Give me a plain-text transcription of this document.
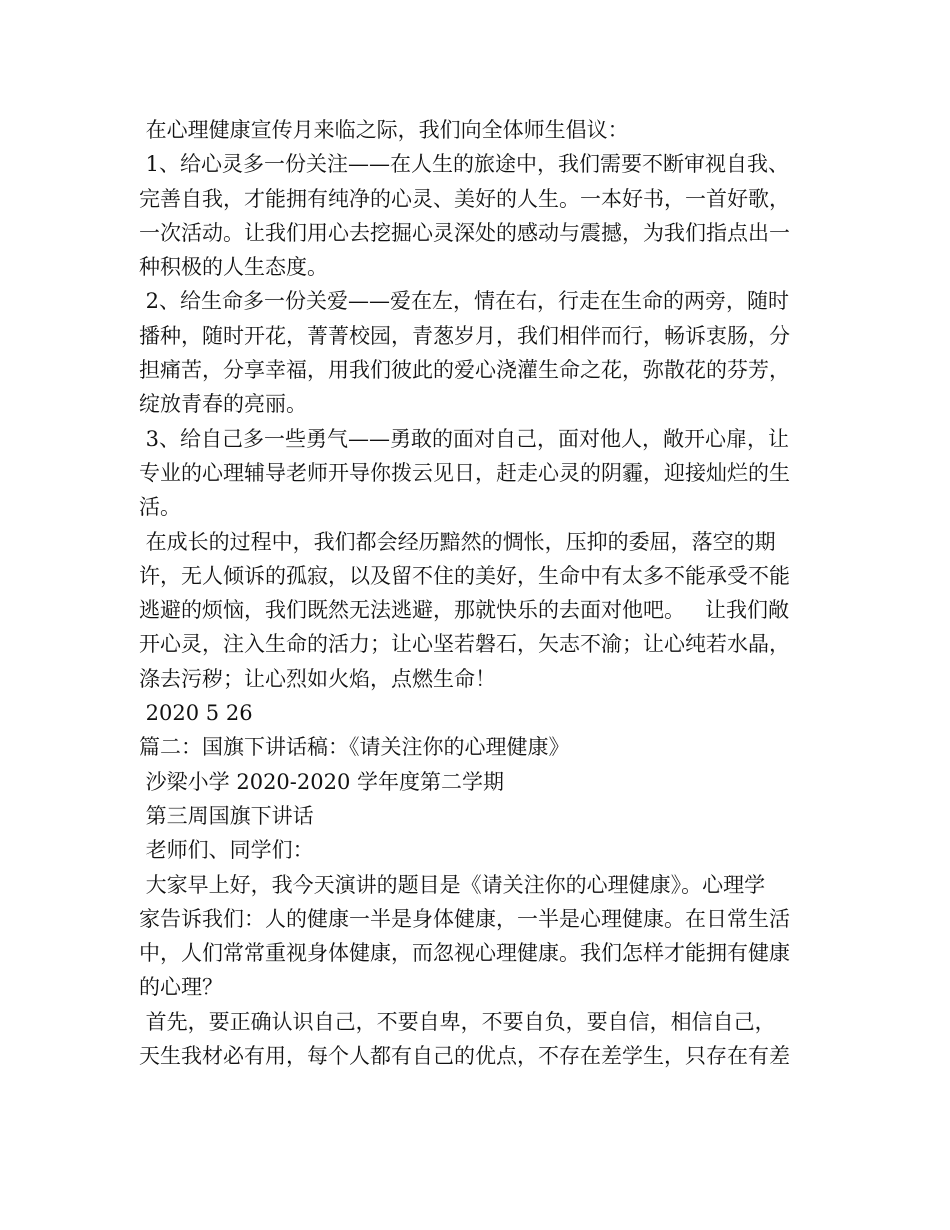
在心理健康宣传月来临之际，我们向全体师生倡议：
1、给心灵多一份关注——在人生的旅途中，我们需要不断审视自我、
完善自我，才能拥有纯净的心灵、美好的人生。一本好书，一首好歌，
一次活动。让我们用心去挖掘心灵深处的感动与震撼，为我们指点出一
种积极的人生态度。
2、给生命多一份关爱——爱在左，情在右，行走在生命的两旁，随时
播种，随时开花，菁菁校园，青葱岁月，我们相伴而行，畅诉衷肠，分
担痛苦，分享幸福，用我们彼此的爱心浇灌生命之花，弥散花的芬芳，
绽放青春的亮丽。
3、给自己多一些勇气——勇敢的面对自己，面对他人，敞开心扉，让
专业的心理辅导老师开导你拨云见日，赶走心灵的阴霾，迎接灿烂的生
活。
在成长的过程中，我们都会经历黯然的惆怅，压抑的委屈，落空的期
许，无人倾诉的孤寂，以及留不住的美好，生命中有太多不能承受不能
逃避的烦恼，我们既然无法逃避，那就快乐的去面对他吧。   让我们敞
开心灵，注入生命的活力；让心坚若磐石，矢志不渝；让心纯若水晶，
涤去污秽；让心烈如火焰，点燃生命！
2020 5 26
篇二：国旗下讲话稿：《请关注你的心理健康》
沙梁小学 2020-2020 学年度第二学期
第三周国旗下讲话
老师们、同学们：
大家早上好，我今天演讲的题目是《请关注你的心理健康》。心理学
家告诉我们：人的健康一半是身体健康，一半是心理健康。在日常生活
中，人们常常重视身体健康，而忽视心理健康。我们怎样才能拥有健康
的心理？
首先，要正确认识自己，不要自卑，不要自负，要自信，相信自己，
天生我材必有用，每个人都有自己的优点，不存在差学生，只存在有差
